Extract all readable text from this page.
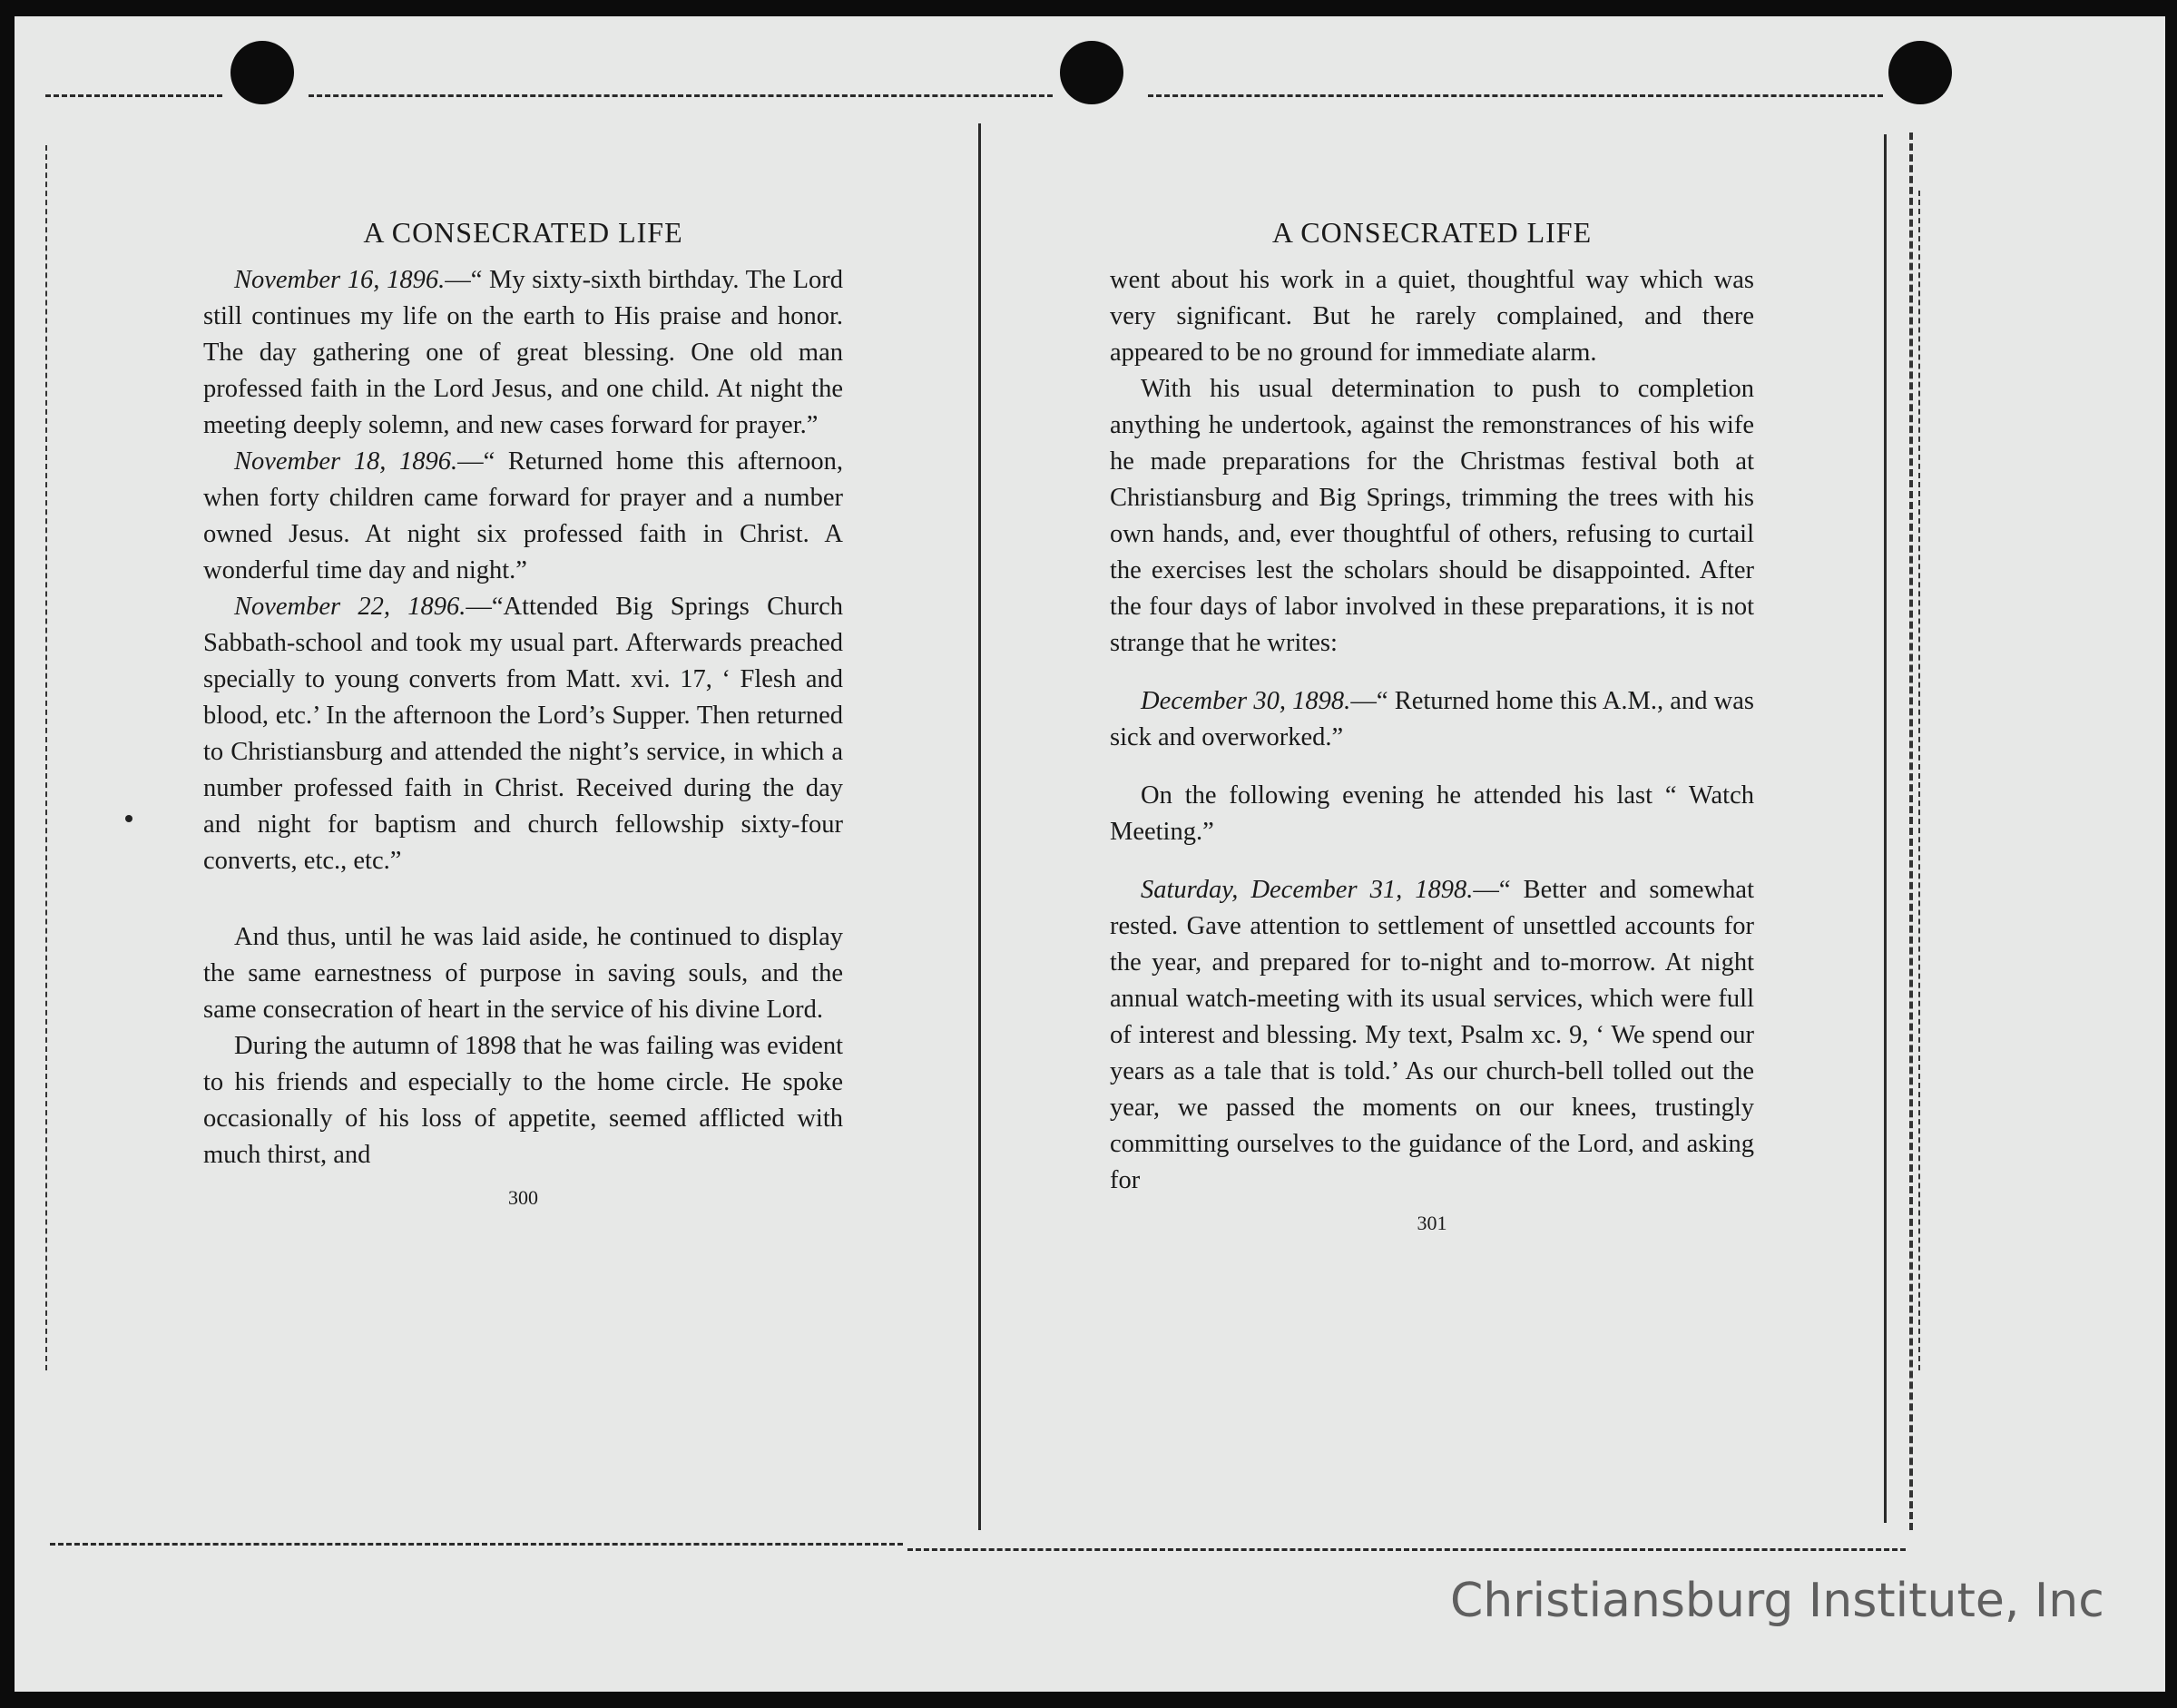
A CONSECRATED LIFE

November 16, 1896.—“ My sixty-sixth birthday. The Lord still continues my life on the earth to His praise and honor. The day gathering one of great blessing. One old man professed faith in the Lord Jesus, and one child. At night the meeting deeply solemn, and new cases forward for prayer.”

November 18, 1896.—“ Returned home this afternoon, when forty children came forward for prayer and a number owned Jesus. At night six professed faith in Christ. A wonderful time day and night.”

November 22, 1896.—“Attended Big Springs Church Sabbath-school and took my usual part. Afterwards preached specially to young converts from Matt. xvi. 17, ‘ Flesh and blood, etc.’ In the afternoon the Lord’s Supper. Then returned to Christiansburg and attended the night’s service, in which a number professed faith in Christ. Received during the day and night for baptism and church fellowship sixty-four converts, etc., etc.”

And thus, until he was laid aside, he continued to display the same earnestness of purpose in saving souls, and the same consecration of heart in the service of his divine Lord.

During the autumn of 1898 that he was failing was evident to his friends and especially to the home circle. He spoke occasionally of his loss of appetite, seemed afflicted with much thirst, and

300
A CONSECRATED LIFE

went about his work in a quiet, thoughtful way which was very significant. But he rarely complained, and there appeared to be no ground for immediate alarm.

With his usual determination to push to completion anything he undertook, against the remonstrances of his wife he made preparations for the Christmas festival both at Christiansburg and Big Springs, trimming the trees with his own hands, and, ever thoughtful of others, refusing to curtail the exercises lest the scholars should be disappointed. After the four days of labor involved in these preparations, it is not strange that he writes:

December 30, 1898.—“ Returned home this A.M., and was sick and overworked.”

On the following evening he attended his last “ Watch Meeting.”

Saturday, December 31, 1898.—“ Better and somewhat rested. Gave attention to settlement of unsettled accounts for the year, and prepared for to-night and to-morrow. At night annual watch-meeting with its usual services, which were full of interest and blessing. My text, Psalm xc. 9, ‘ We spend our years as a tale that is told.’ As our church-bell tolled out the year, we passed the moments on our knees, trustingly committing ourselves to the guidance of the Lord, and asking for

301
Christiansburg Institute, Inc
